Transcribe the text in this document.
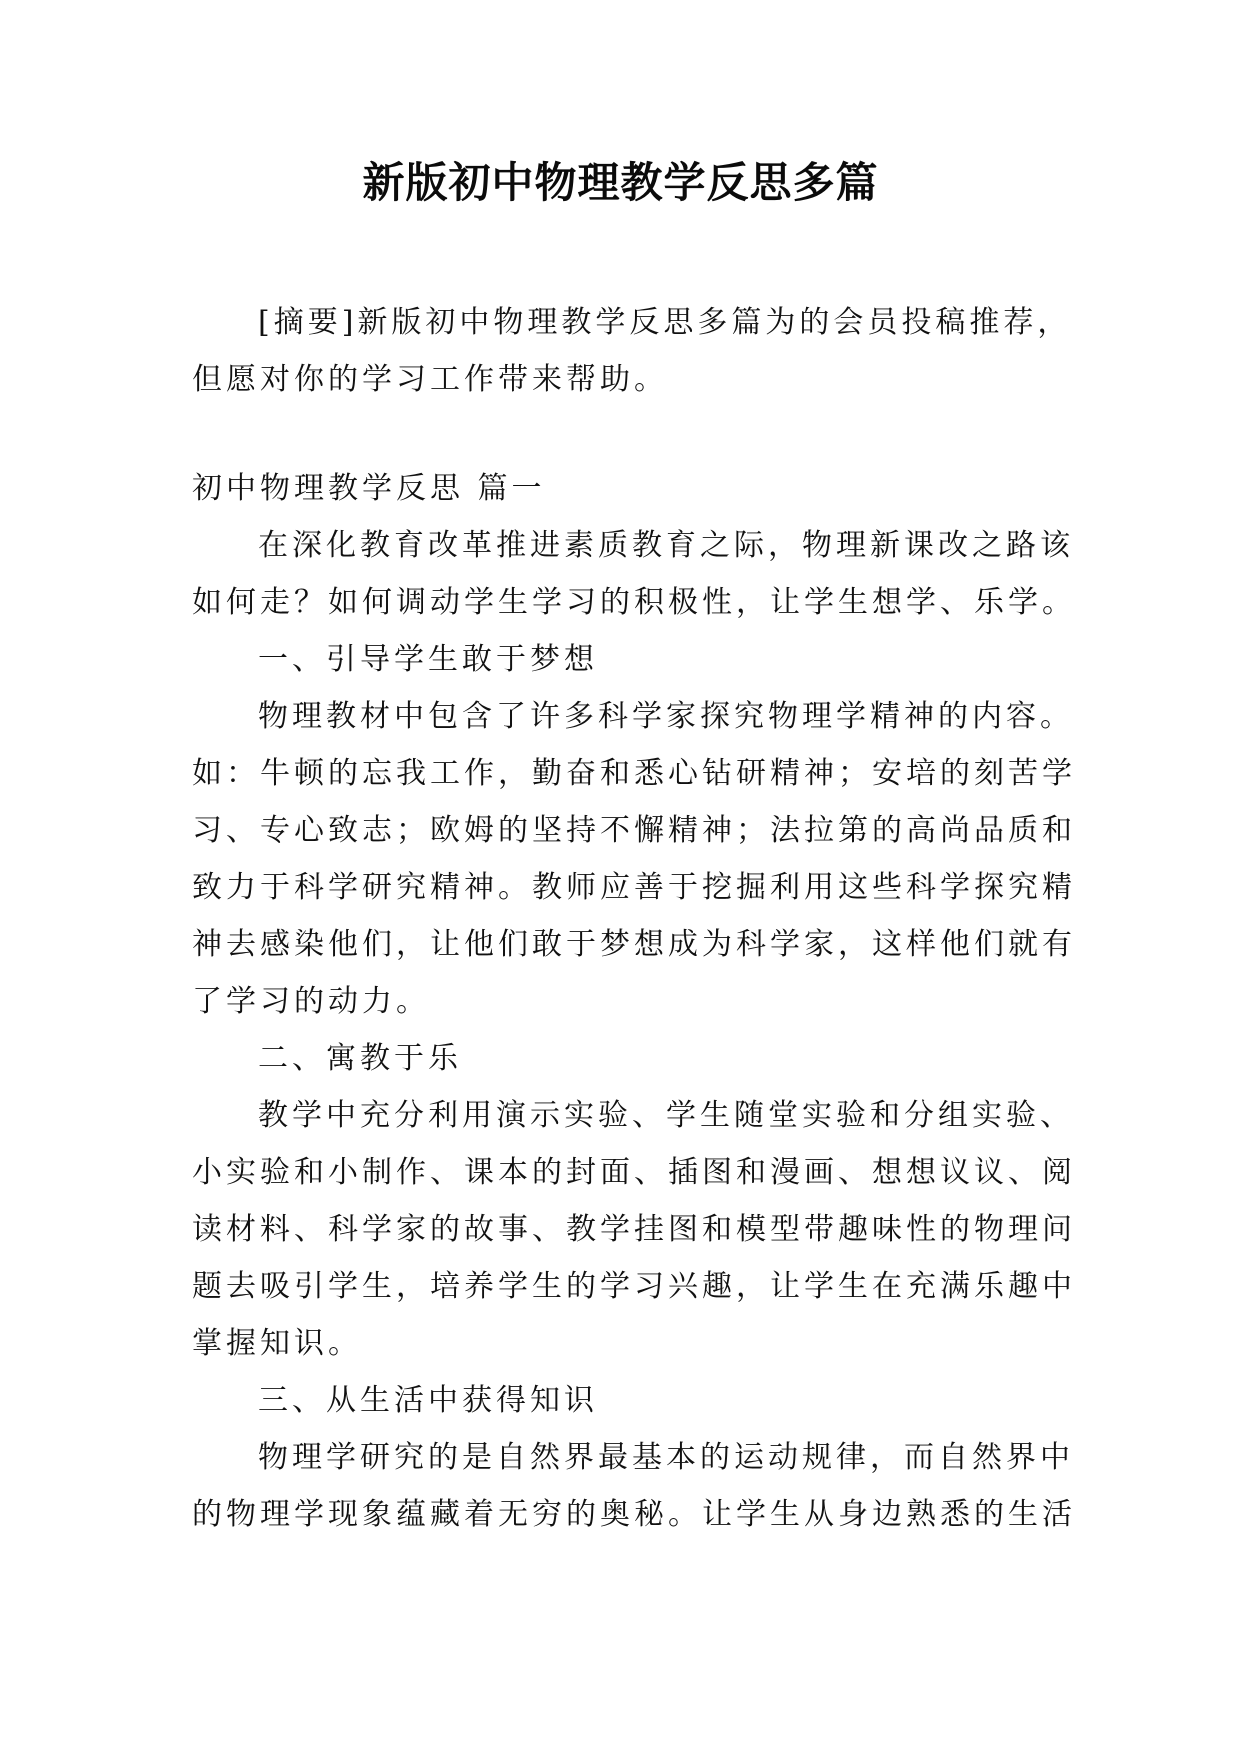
新版初中物理教学反思多篇
[摘要]新版初中物理教学反思多篇为的会员投稿推荐，
但愿对你的学习工作带来帮助。
初中物理教学反思 篇一
在深化教育改革推进素质教育之际，物理新课改之路该
如何走？如何调动学生学习的积极性，让学生想学、乐学。
一、引导学生敢于梦想
物理教材中包含了许多科学家探究物理学精神的内容。
如：牛顿的忘我工作，勤奋和悉心钻研精神；安培的刻苦学
习、专心致志；欧姆的坚持不懈精神；法拉第的高尚品质和
致力于科学研究精神。教师应善于挖掘利用这些科学探究精
神去感染他们，让他们敢于梦想成为科学家，这样他们就有
了学习的动力。
二、寓教于乐
教学中充分利用演示实验、学生随堂实验和分组实验、
小实验和小制作、课本的封面、插图和漫画、想想议议、阅
读材料、科学家的故事、教学挂图和模型带趣味性的物理问
题去吸引学生，培养学生的学习兴趣，让学生在充满乐趣中
掌握知识。
三、从生活中获得知识
物理学研究的是自然界最基本的运动规律，而自然界中
的物理学现象蕴藏着无穷的奥秘。让学生从身边熟悉的生活
